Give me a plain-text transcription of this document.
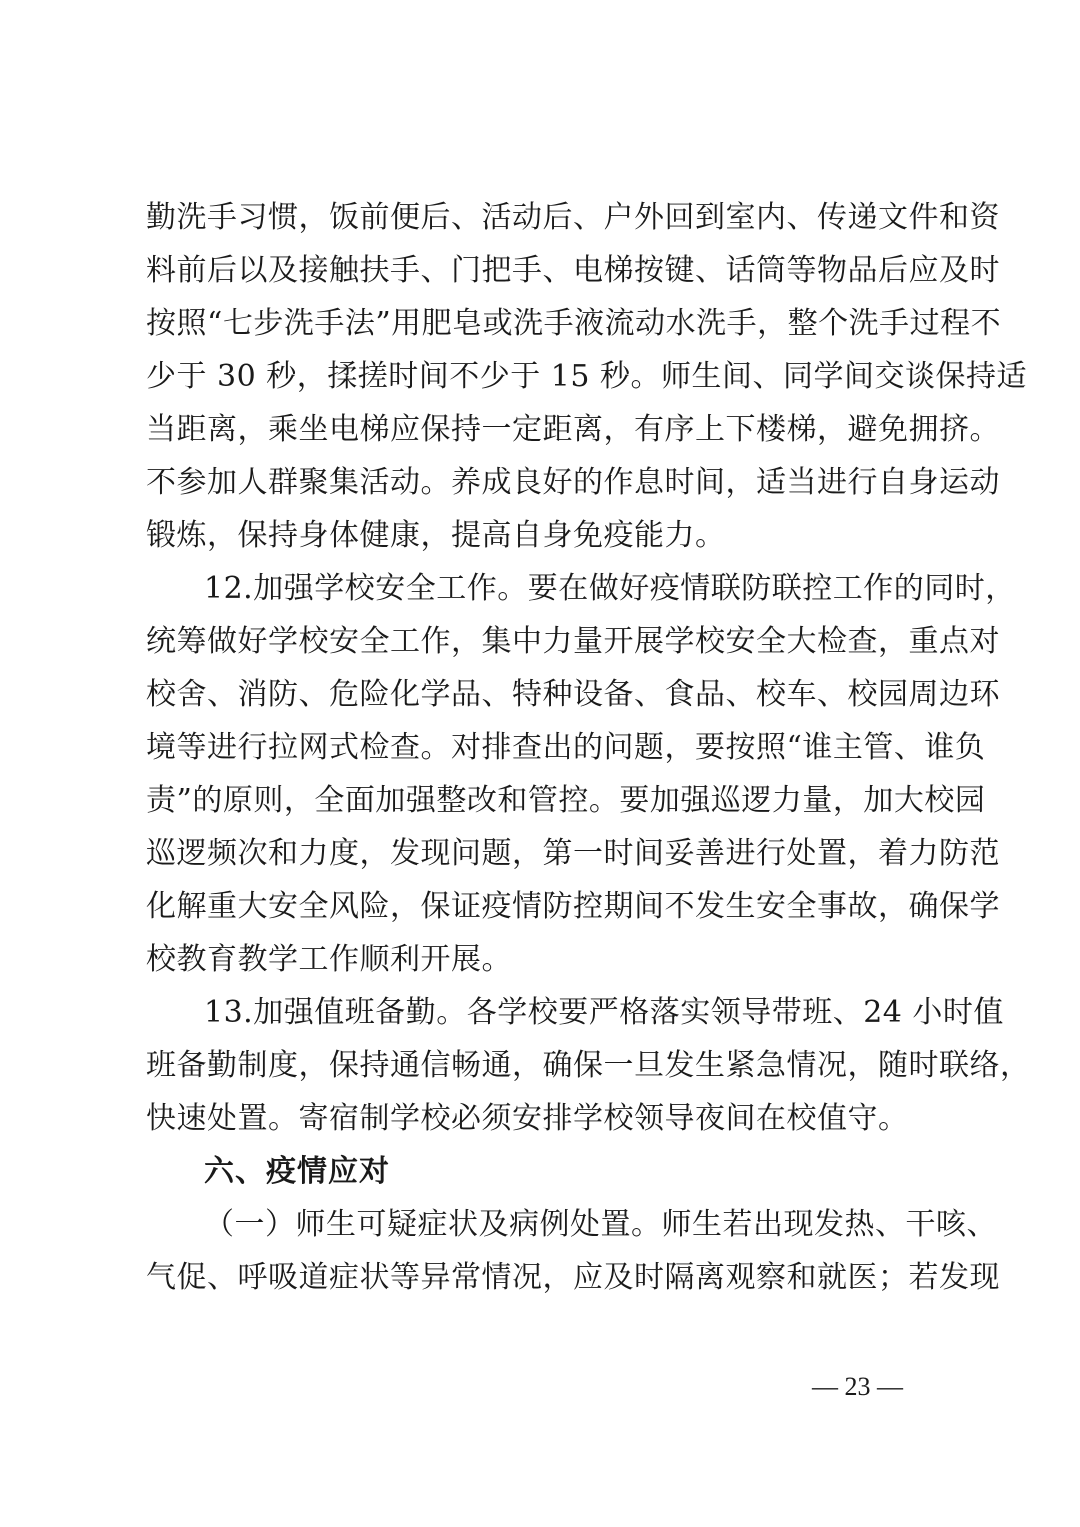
勤洗手习惯，饭前便后、活动后、户外回到室内、传递文件和资
料前后以及接触扶手、门把手、电梯按键、话筒等物品后应及时
按照“七步洗手法”用肥皂或洗手液流动水洗手，整个洗手过程不
少于 30 秒，揉搓时间不少于 15 秒。师生间、同学间交谈保持适
当距离，乘坐电梯应保持一定距离，有序上下楼梯，避免拥挤。
不参加人群聚集活动。养成良好的作息时间，适当进行自身运动
锻炼，保持身体健康，提高自身免疫能力。
12.加强学校安全工作。要在做好疫情联防联控工作的同时，
统筹做好学校安全工作，集中力量开展学校安全大检查，重点对
校舍、消防、危险化学品、特种设备、食品、校车、校园周边环
境等进行拉网式检查。对排查出的问题，要按照“谁主管、谁负
责”的原则，全面加强整改和管控。要加强巡逻力量，加大校园
巡逻频次和力度，发现问题，第一时间妥善进行处置，着力防范
化解重大安全风险，保证疫情防控期间不发生安全事故，确保学
校教育教学工作顺利开展。
13.加强值班备勤。各学校要严格落实领导带班、24 小时值
班备勤制度，保持通信畅通，确保一旦发生紧急情况，随时联络，
快速处置。寄宿制学校必须安排学校领导夜间在校值守。
六、疫情应对
（一）师生可疑症状及病例处置。师生若出现发热、干咳、
气促、呼吸道症状等异常情况，应及时隔离观察和就医；若发现
— 23 —
